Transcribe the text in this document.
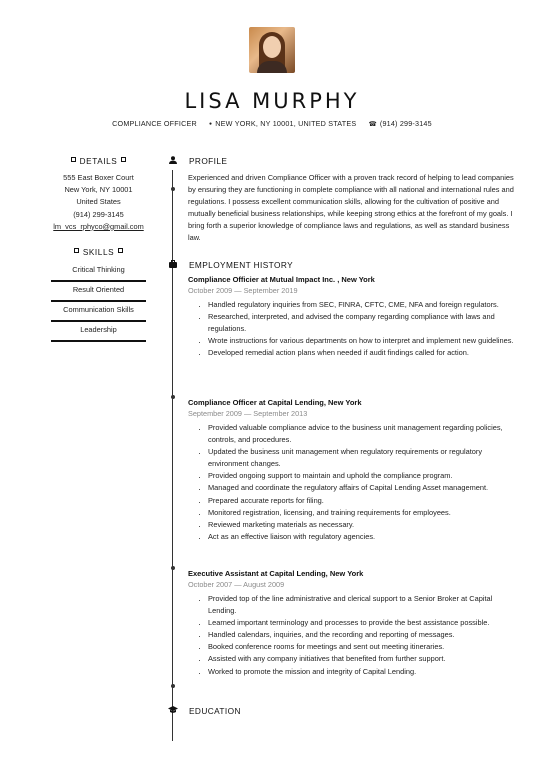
LISA MURPHY
COMPLIANCE OFFICER	● NEW YORK, NY 10001, UNITED STATES	☎ (914) 299-3145
DETAILS
555 East Boxer Court
New York, NY 10001
United States
(914) 299-3145
lm_vcs_rphyco@gmail.com
SKILLS
Critical Thinking
Result Oriented
Communication Skills
Leadership
PROFILE
Experienced and driven Compliance Officer with a proven track record of helping to lead companies by ensuring they are functioning in complete compliance with all national and international rules and regulations. I possess excellent communication skills, allowing for the cultivation of positive and mutually beneficial business relationships, while keeping strong ethics at the forefront of my goals. I bring forth a superior knowledge of compliance laws and regulations, as well as standard business law.
EMPLOYMENT HISTORY
Compliance Officier at Mutual Impact Inc. , New York
October 2009 — September 2019
• Handled regulatory inquiries from SEC, FINRA, CFTC, CME, NFA and foreign regulators.
• Researched, interpreted, and advised the company regarding compliance with laws and regulations.
• Wrote instructions for various departments on how to interpret and implement new guidelines.
• Developed remedial action plans when needed if audit findings called for action.
Compliance Officer at Capital Lending, New York
September 2009 — September 2013
• Provided valuable compliance advice to the business unit management regarding policies, controls, and procedures.
• Updated the business unit management when regulatory requirements or regulatory environment changes.
• Provided ongoing support to maintain and uphold the compliance program.
• Managed and coordinate the regulatory affairs of Capital Lending Asset management.
• Prepared accurate reports for filing.
• Monitored registration, licensing, and training requirements for employees.
• Reviewed marketing materials as necessary.
• Act as an effective liaison with regulatory agencies.
Executive Assistant at Capital Lending, New York
October 2007 — August 2009
• Provided top of the line administrative and clerical support to a Senior Broker at Capital Lending.
• Learned important terminology and processes to provide the best assistance possible.
• Handled calendars, inquiries, and the recording and reporting of messages.
• Booked conference rooms for meetings and sent out meeting itineraries.
• Assisted with any company initiatives that benefited from further support.
• Worked to promote the mission and integrity of Capital Lending.
EDUCATION
